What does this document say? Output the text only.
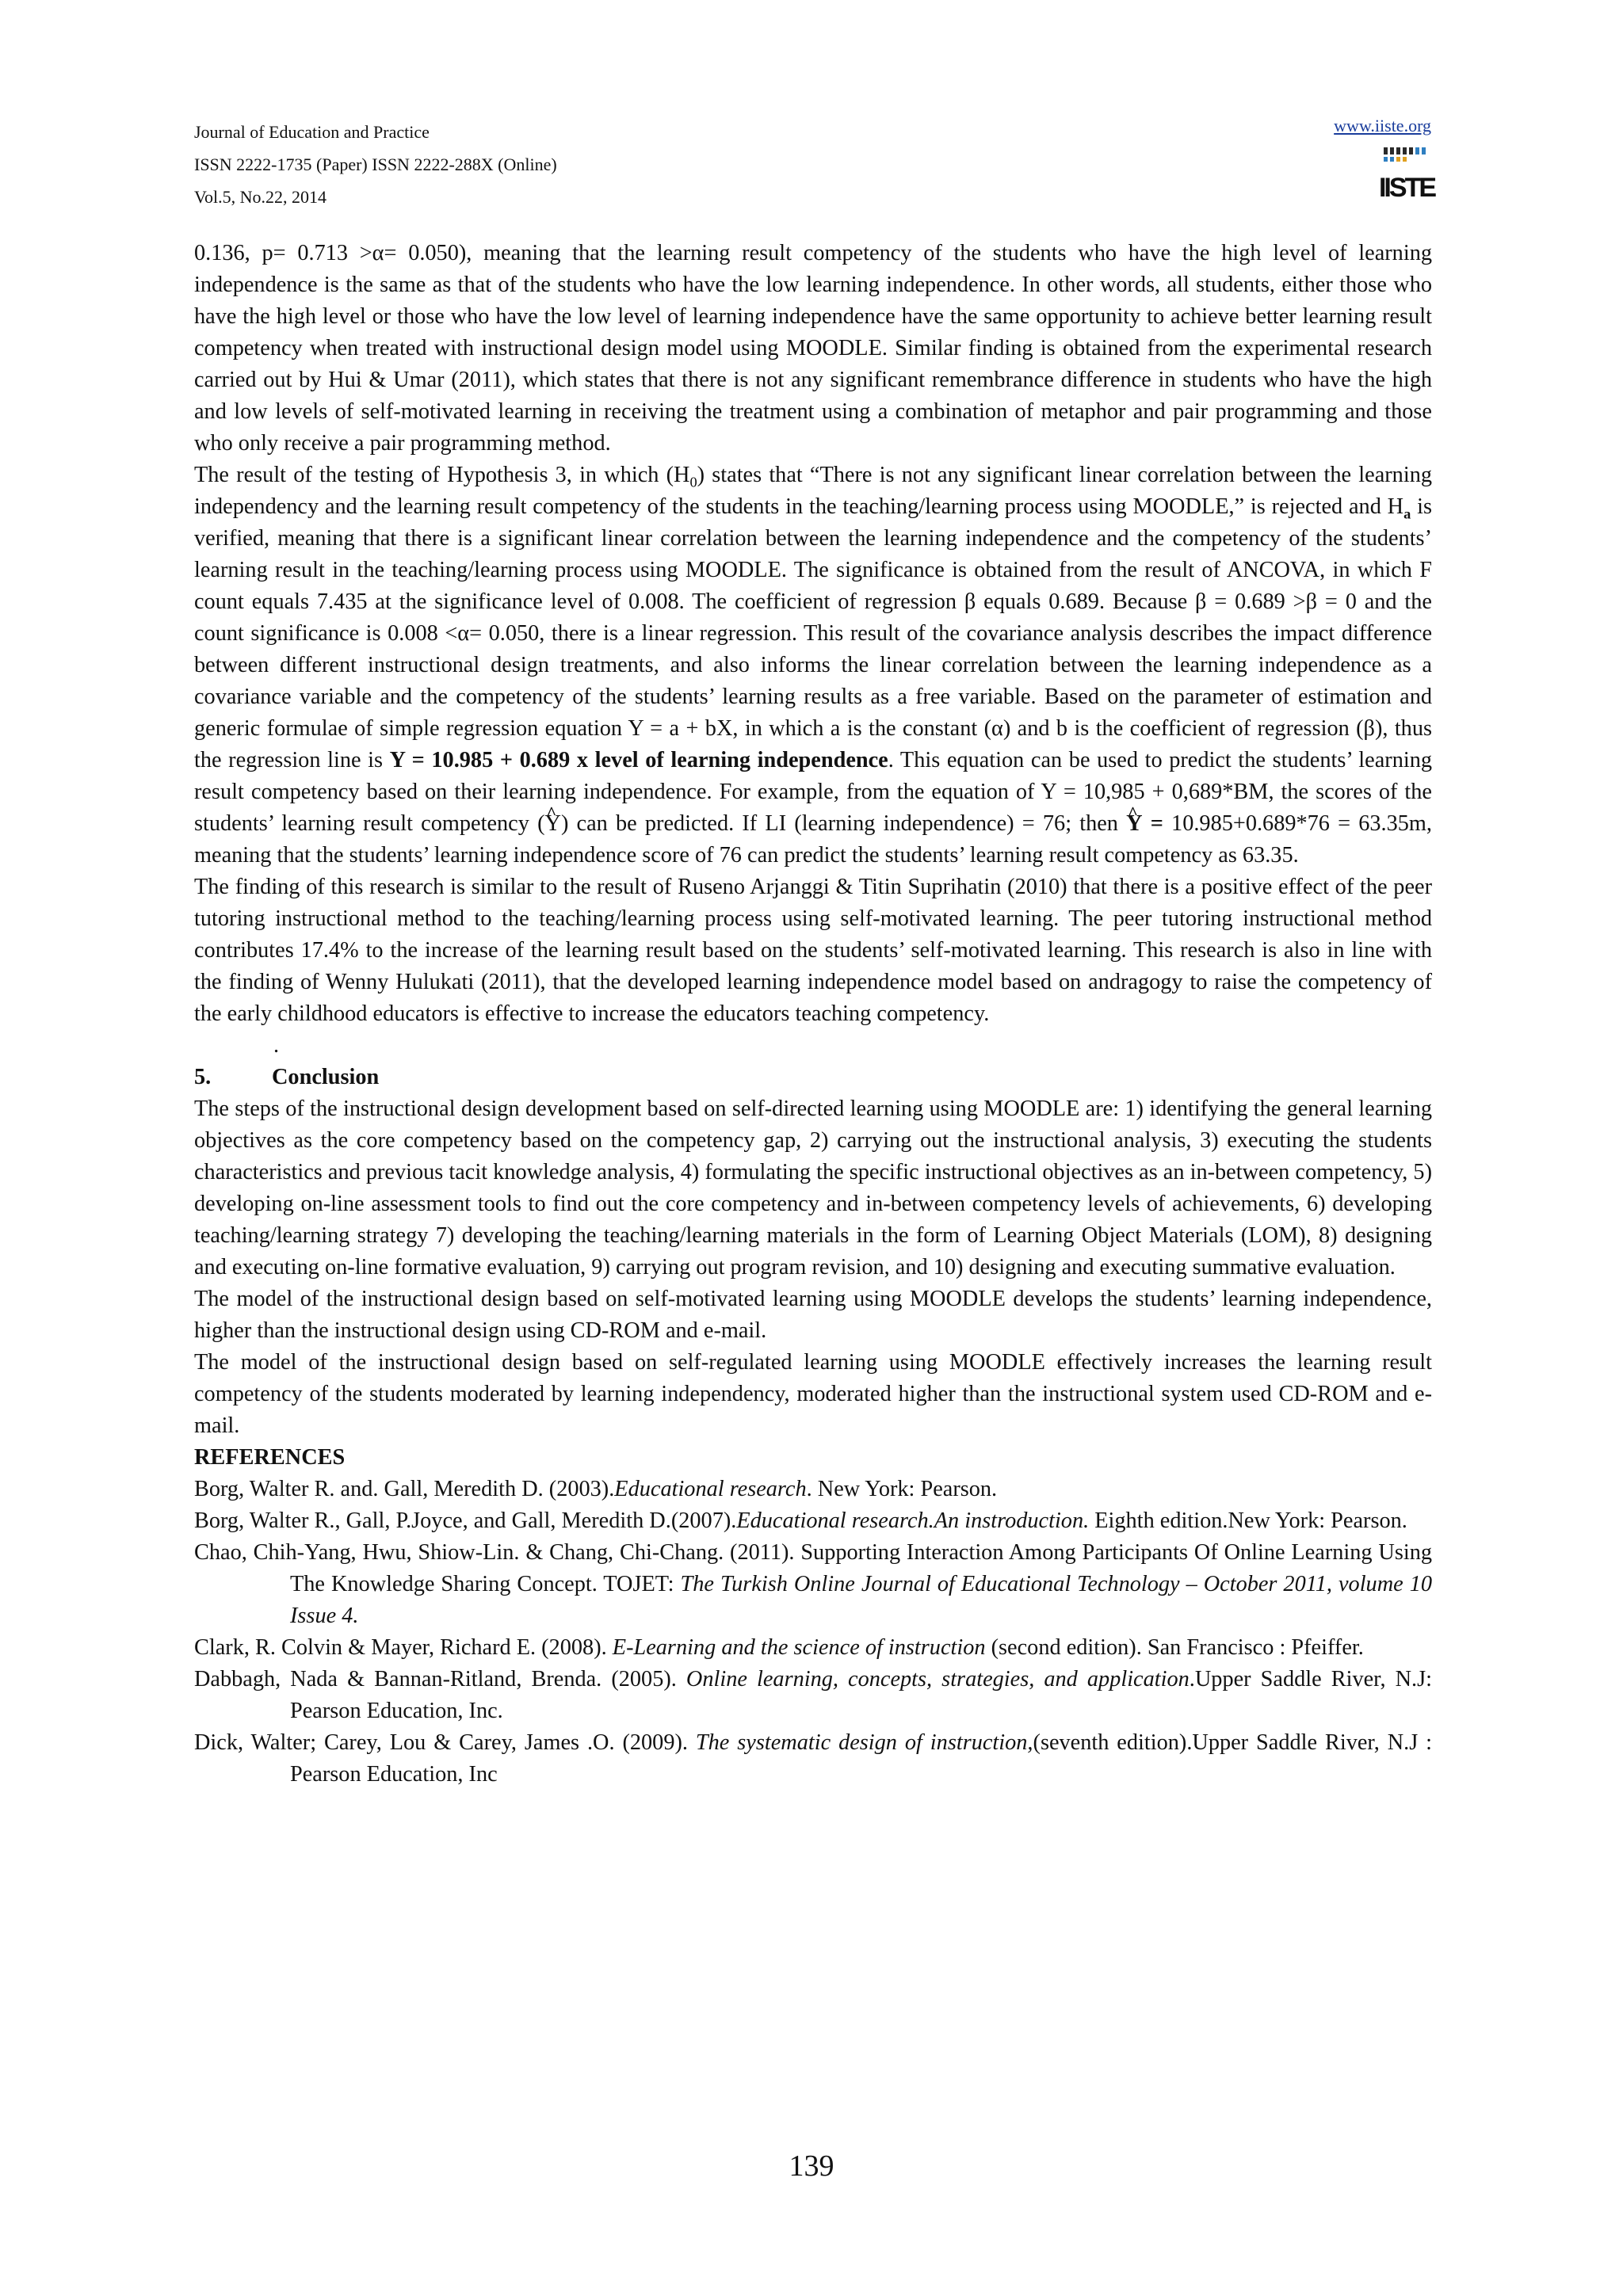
Journal of Education and Practice
ISSN 2222-1735 (Paper) ISSN 2222-288X (Online)
Vol.5, No.22, 2014
www.iiste.org
IISTE

0.136, p= 0.713 >α= 0.050), meaning that the learning result competency of the students who have the high level of learning independence is the same as that of the students who have the low learning independence. In other words, all students, either those who have the high level or those who have the low level of learning independence have the same opportunity to achieve better learning result competency when treated with instructional design model using MOODLE. Similar finding is obtained from the experimental research carried out by Hui & Umar (2011), which states that there is not any significant remembrance difference in students who have the high and low levels of self-motivated learning in receiving the treatment using a combination of metaphor and pair programming and those who only receive a pair programming method.

The result of the testing of Hypothesis 3, in which $(H_0)$ states that “There is not any significant linear correlation between the learning independency and the learning result competency of the students in the teaching/learning process using MOODLE,” is rejected and $H_a$ is verified, meaning that there is a significant linear correlation between the learning independence and the competency of the students’ learning result in the teaching/learning process using MOODLE. The significance is obtained from the result of ANCOVA, in which F count equals 7.435 at the significance level of 0.008. The coefficient of regression β equals 0.689. Because β = 0.689 >β = 0 and the count significance is 0.008 <α= 0.050, there is a linear regression. This result of the covariance analysis describes the impact difference between different instructional design treatments, and also informs the linear correlation between the learning independence as a covariance variable and the competency of the students’ learning results as a free variable. Based on the parameter of estimation and generic formulae of simple regression equation Y = a + bX, in which a is the constant (α) and b is the coefficient of regression (β), thus the regression line is Y = 10.985 + 0.689 x level of learning independence. This equation can be used to predict the students’ learning result competency based on their learning independence. For example, from the equation of Y = 10,985 + 0,689*BM, the scores of the students’ learning result competency (^ Y) can be predicted. If LI (learning independence) = 76; then ^ Y = 10.985+0.689*76 = 63.35m, meaning that the students’ learning independence score of 76 can predict the students’ learning result competency as 63.35.

The finding of this research is similar to the result of Ruseno Arjanggi & Titin Suprihatin (2010) that there is a positive effect of the peer tutoring instructional method to the teaching/learning process using self-motivated learning. The peer tutoring instructional method contributes 17.4% to the increase of the learning result based on the students’ self-motivated learning. This research is also in line with the finding of Wenny Hulukati (2011), that the developed learning independence model based on andragogy to raise the competency of the early childhood educators is effective to increase the educators teaching competency.

.

5.	Conclusion

The steps of the instructional design development based on self-directed learning using MOODLE are: 1) identifying the general learning objectives as the core competency based on the competency gap, 2) carrying out the instructional analysis, 3) executing the students characteristics and previous tacit knowledge analysis, 4) formulating the specific instructional objectives as an in-between competency, 5) developing on-line assessment tools to find out the core competency and in-between competency levels of achievements, 6) developing teaching/learning strategy 7) developing the teaching/learning materials in the form of Learning Object Materials (LOM), 8) designing and executing on-line formative evaluation, 9) carrying out program revision, and 10) designing and executing summative evaluation.

The model of the instructional design based on self-motivated learning using MOODLE develops the students’ learning independence, higher than the instructional design using CD-ROM and e-mail.

The model of the instructional design based on self-regulated learning using MOODLE effectively increases the learning result competency of the students moderated by learning independency, moderated higher than the instructional system used CD-ROM and e-mail.

REFERENCES

Borg, Walter R. and. Gall, Meredith D. (2003).Educational research. New York: Pearson.

Borg, Walter R., Gall, P.Joyce, and Gall, Meredith D.(2007).Educational research.An instroduction. Eighth edition.New York: Pearson.

Chao, Chih-Yang, Hwu, Shiow-Lin. & Chang, Chi-Chang. (2011). Supporting Interaction Among Participants Of Online Learning Using The Knowledge Sharing Concept. TOJET: The Turkish Online Journal of Educational Technology – October 2011, volume 10 Issue 4.

Clark, R. Colvin & Mayer, Richard E. (2008). E-Learning and the science of instruction (second edition). San Francisco : Pfeiffer.

Dabbagh, Nada & Bannan-Ritland, Brenda. (2005). Online learning, concepts, strategies, and application.Upper Saddle River, N.J: Pearson Education, Inc.

Dick, Walter; Carey, Lou & Carey, James .O. (2009). The systematic design of instruction,(seventh edition).Upper Saddle River, N.J : Pearson Education, Inc

139
